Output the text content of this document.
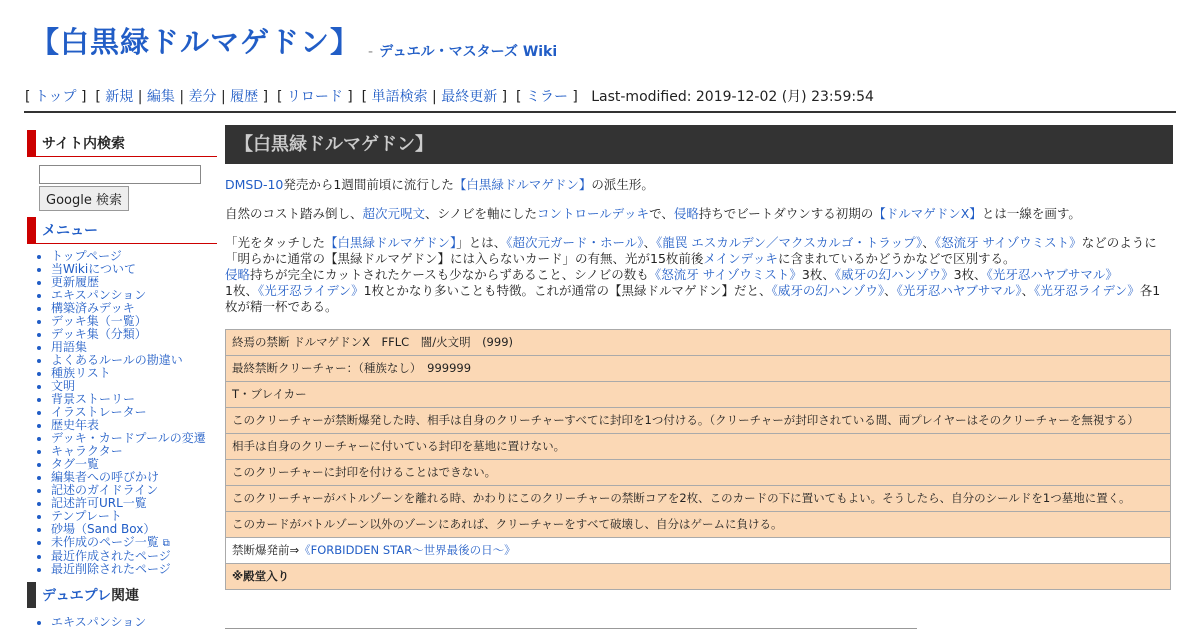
【白黒緑ドルマゲドン】 - デュエル・マスターズ Wiki
[ トップ ]  [ 新規 | 編集 | 差分 | 履歴 ]  [ リロード ]  [ 単語検索 | 最終更新 ]  [ ミラー ]   Last-modified: 2019-12-02 (月) 23:59:54
サイト内検索
Google 検索
メニュー
• トップページ
• 当Wikiについて
• 更新履歴
• エキスパンション
• 構築済みデッキ
• デッキ集（一覧）
• デッキ集（分類）
• 用語集
• よくあるルールの勘違い
• 種族リスト
• 文明
• 背景ストーリー
• イラストレーター
• 歴史年表
• デッキ・カードプールの変遷
• キャラクター
• タグ一覧
• 編集者への呼びかけ
• 記述のガイドライン
• 記述許可URL一覧
• テンプレート
• 砂場（Sand Box）
• 未作成のページ一覧 ⧉
• 最近作成されたページ
• 最近削除されたページ
デュエプレ関連
• エキスパンション
【白黒緑ドルマゲドン】

DMSD-10発売から1週間前頃に流行した【白黒緑ドルマゲドン】の派生形。

自然のコスト踏み倒し、超次元呪文、シノビを軸にしたコントロールデッキで、侵略持ちでビートダウンする初期の【ドルマゲドンX】とは一線を画す。

「光をタッチした【白黒緑ドルマゲドン】」とは、《超次元ガード・ホール》、《龍罠 エスカルデン／マクスカルゴ・トラップ》、《怒流牙 サイゾウミスト》などのように「明らかに通常の【黒緑ドルマゲドン】には入らないカード」の有無、光が15枚前後メインデッキに含まれているかどうかなどで区別する。
侵略持ちが完全にカットされたケースも少なからずあること、シノビの数も《怒流牙 サイゾウミスト》3枚、《威牙の幻ハンゾウ》3枚、《光牙忍ハヤブサマル》
1枚、《光牙忍ライデン》1枚とかなり多いことも特徴。これが通常の【黒緑ドルマゲドン】だと、《威牙の幻ハンゾウ》、《光牙忍ハヤブサマル》、《光牙忍ライデン》各1枚が精一杯である。

終焉の禁断 ドルマゲドンX　FFLC　闇/火文明　(999)
最終禁断クリーチャー：（種族なし）　999999
T・ブレイカー
このクリーチャーが禁断爆発した時、相手は自身のクリーチャーすべてに封印を1つ付ける。（クリーチャーが封印されている間、両プレイヤーはそのクリーチャーを無視する）
相手は自身のクリーチャーに付いている封印を墓地に置けない。
このクリーチャーに封印を付けることはできない。
このクリーチャーがバトルゾーンを離れる時、かわりにこのクリーチャーの禁断コアを2枚、このカードの下に置いてもよい。そうしたら、自分のシールドを1つ墓地に置く。
このカードがバトルゾーン以外のゾーンにあれば、クリーチャーをすべて破壊し、自分はゲームに負ける。
禁断爆発前⇒《FORBIDDEN STAR〜世界最後の日〜》
※殿堂入り
